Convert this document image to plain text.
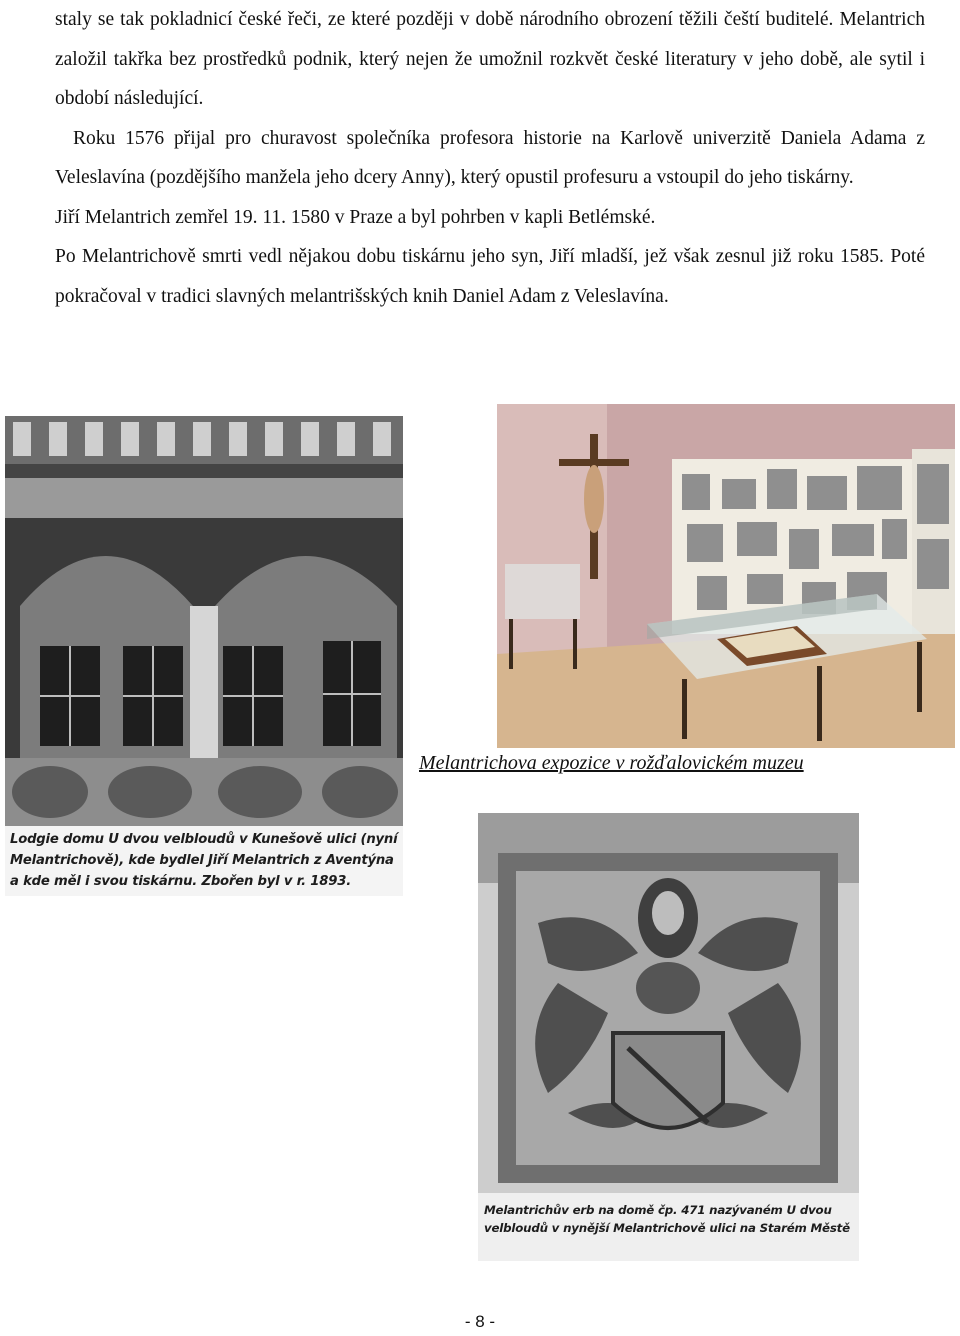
staly se tak pokladnicí české řeči, ze které později v době národního obrození těžili čeští buditelé. Melantrich založil takřka bez prostředků podnik, který nejen že umožnil rozkvět české literatury v jeho době, ale sytil i období následující.

Roku 1576 přijal pro churavost společníka profesora historie na Karlově univerzitě Daniela Adama z Veleslavína (pozdějšího manžela jeho dcery Anny), který opustil profesuru a vstoupil do jeho tiskárny.

Jiří Melantrich zemřel 19. 11. 1580 v Praze a byl pohrben v kapli Betlémské.

Po Melantrichově smrti vedl nějakou dobu tiskárnu jeho syn, Jiří mladší, jež však zesnul již roku 1585. Poté pokračoval v tradici slavných melantrišských knih Daniel Adam z Veleslavína.

Lodgie domu U dvou velbloudů v Kunešově ulici (nyní Melantrichově), kde bydlel Jiří Melantrich z Aventýna a kde měl i svou tiskárnu. Zbořen byl v r. 1893.
Melantrichova expozice v rožďalovickém muzeu
Melantrichův erb na domě čp. 471 nazývaném U dvou velbloudů v nynější Melantrichově ulici na Starém Městě
- 8 -
